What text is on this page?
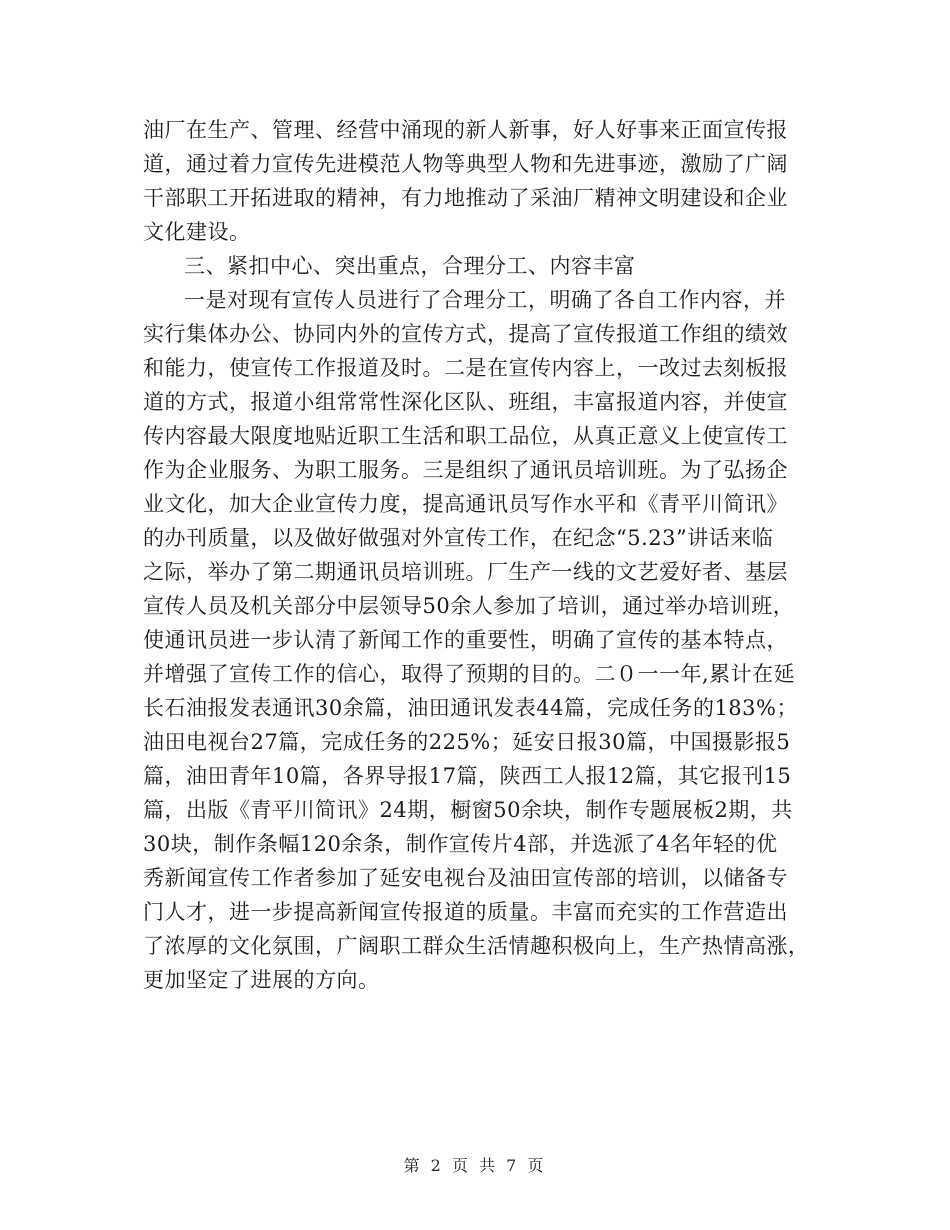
油厂在生产、管理、经营中涌现的新人新事，好人好事来正面宣传报
道，通过着力宣传先进模范人物等典型人物和先进事迹，激励了广阔
干部职工开拓进取的精神，有力地推动了采油厂精神文明建设和企业
文化建设。
三、紧扣中心、突出重点，合理分工、内容丰富
一是对现有宣传人员进行了合理分工，明确了各自工作内容，并
实行集体办公、协同内外的宣传方式，提高了宣传报道工作组的绩效
和能力，使宣传工作报道及时。二是在宣传内容上，一改过去刻板报
道的方式，报道小组常常性深化区队、班组，丰富报道内容，并使宣
传内容最大限度地贴近职工生活和职工品位，从真正意义上使宣传工
作为企业服务、为职工服务。三是组织了通讯员培训班。为了弘扬企
业文化，加大企业宣传力度，提高通讯员写作水平和《青平川简讯》
的办刊质量，以及做好做强对外宣传工作，在纪念“5.23”讲话来临
之际，举办了第二期通讯员培训班。厂生产一线的文艺爱好者、基层
宣传人员及机关部分中层领导50余人参加了培训，通过举办培训班，
使通讯员进一步认清了新闻工作的重要性，明确了宣传的基本特点，
并增强了宣传工作的信心，取得了预期的目的。二０一一年,累计在延
长石油报发表通讯30余篇，油田通讯发表44篇，完成任务的183%；
油田电视台27篇，完成任务的225%；延安日报30篇，中国摄影报5
篇，油田青年10篇，各界导报17篇，陕西工人报12篇，其它报刊15
篇，出版《青平川简讯》24期，橱窗50余块，制作专题展板2期，共
30块，制作条幅120余条，制作宣传片4部，并选派了4名年轻的优
秀新闻宣传工作者参加了延安电视台及油田宣传部的培训，以储备专
门人才，进一步提高新闻宣传报道的质量。丰富而充实的工作营造出
了浓厚的文化氛围，广阔职工群众生活情趣积极向上，生产热情高涨，
更加坚定了进展的方向。
第 2 页 共 7 页
